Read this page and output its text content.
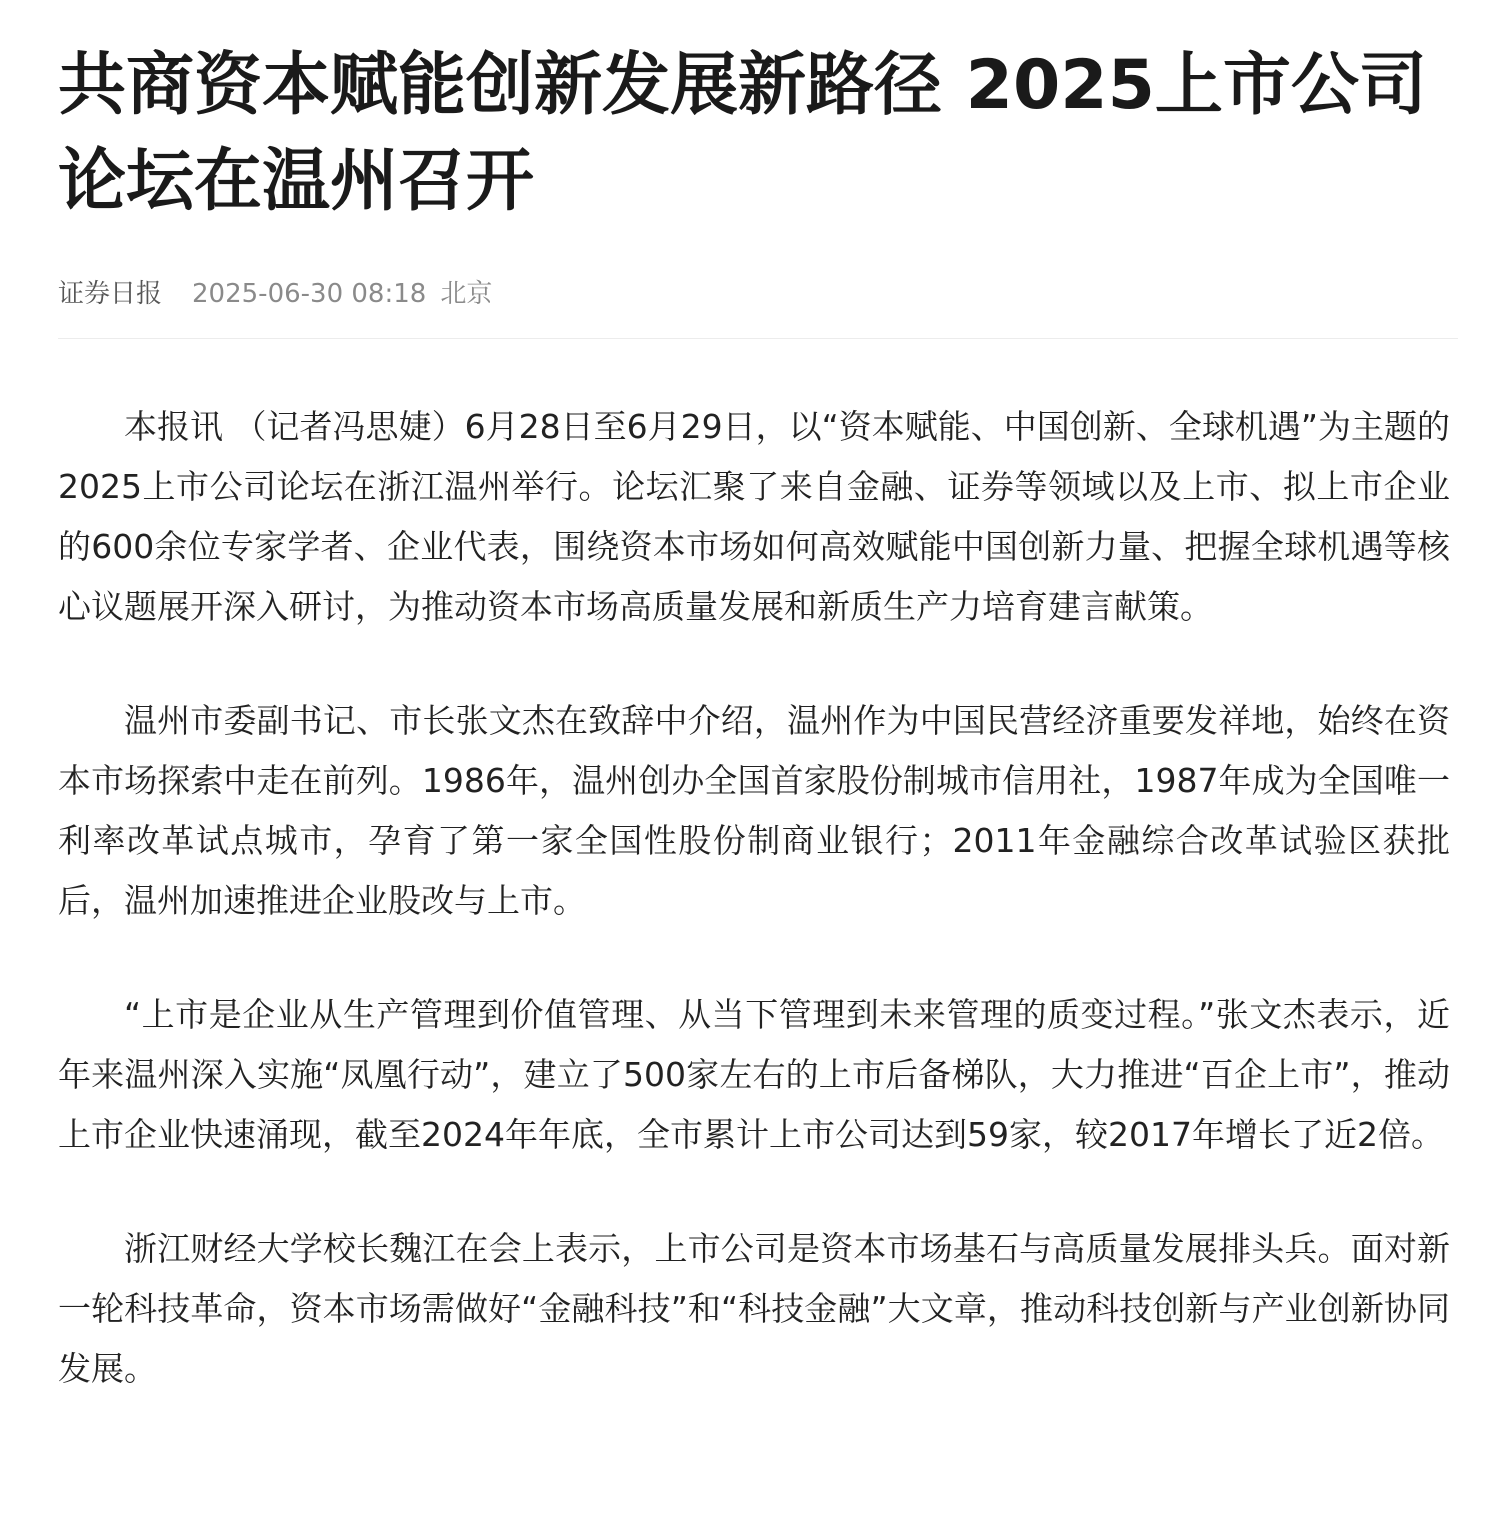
共商资本赋能创新发展新路径 2025上市公司论坛在温州召开
证券日报 2025-06-30 08:18 北京

本报讯 （记者冯思婕）6月28日至6月29日，以“资本赋能、中国创新、全球机遇”为主题的2025上市公司论坛在浙江温州举行。论坛汇聚了来自金融、证券等领域以及上市、拟上市企业的600余位专家学者、企业代表，围绕资本市场如何高效赋能中国创新力量、把握全球机遇等核心议题展开深入研讨，为推动资本市场高质量发展和新质生产力培育建言献策。

温州市委副书记、市长张文杰在致辞中介绍，温州作为中国民营经济重要发祥地，始终在资本市场探索中走在前列。1986年，温州创办全国首家股份制城市信用社，1987年成为全国唯一利率改革试点城市，孕育了第一家全国性股份制商业银行；2011年金融综合改革试验区获批后，温州加速推进企业股改与上市。

“上市是企业从生产管理到价值管理、从当下管理到未来管理的质变过程。”张文杰表示，近年来温州深入实施“凤凰行动”，建立了500家左右的上市后备梯队，大力推进“百企上市”，推动上市企业快速涌现，截至2024年年底，全市累计上市公司达到59家，较2017年增长了近2倍。

浙江财经大学校长魏江在会上表示，上市公司是资本市场基石与高质量发展排头兵。面对新一轮科技革命，资本市场需做好“金融科技”和“科技金融”大文章，推动科技创新与产业创新协同发展。
